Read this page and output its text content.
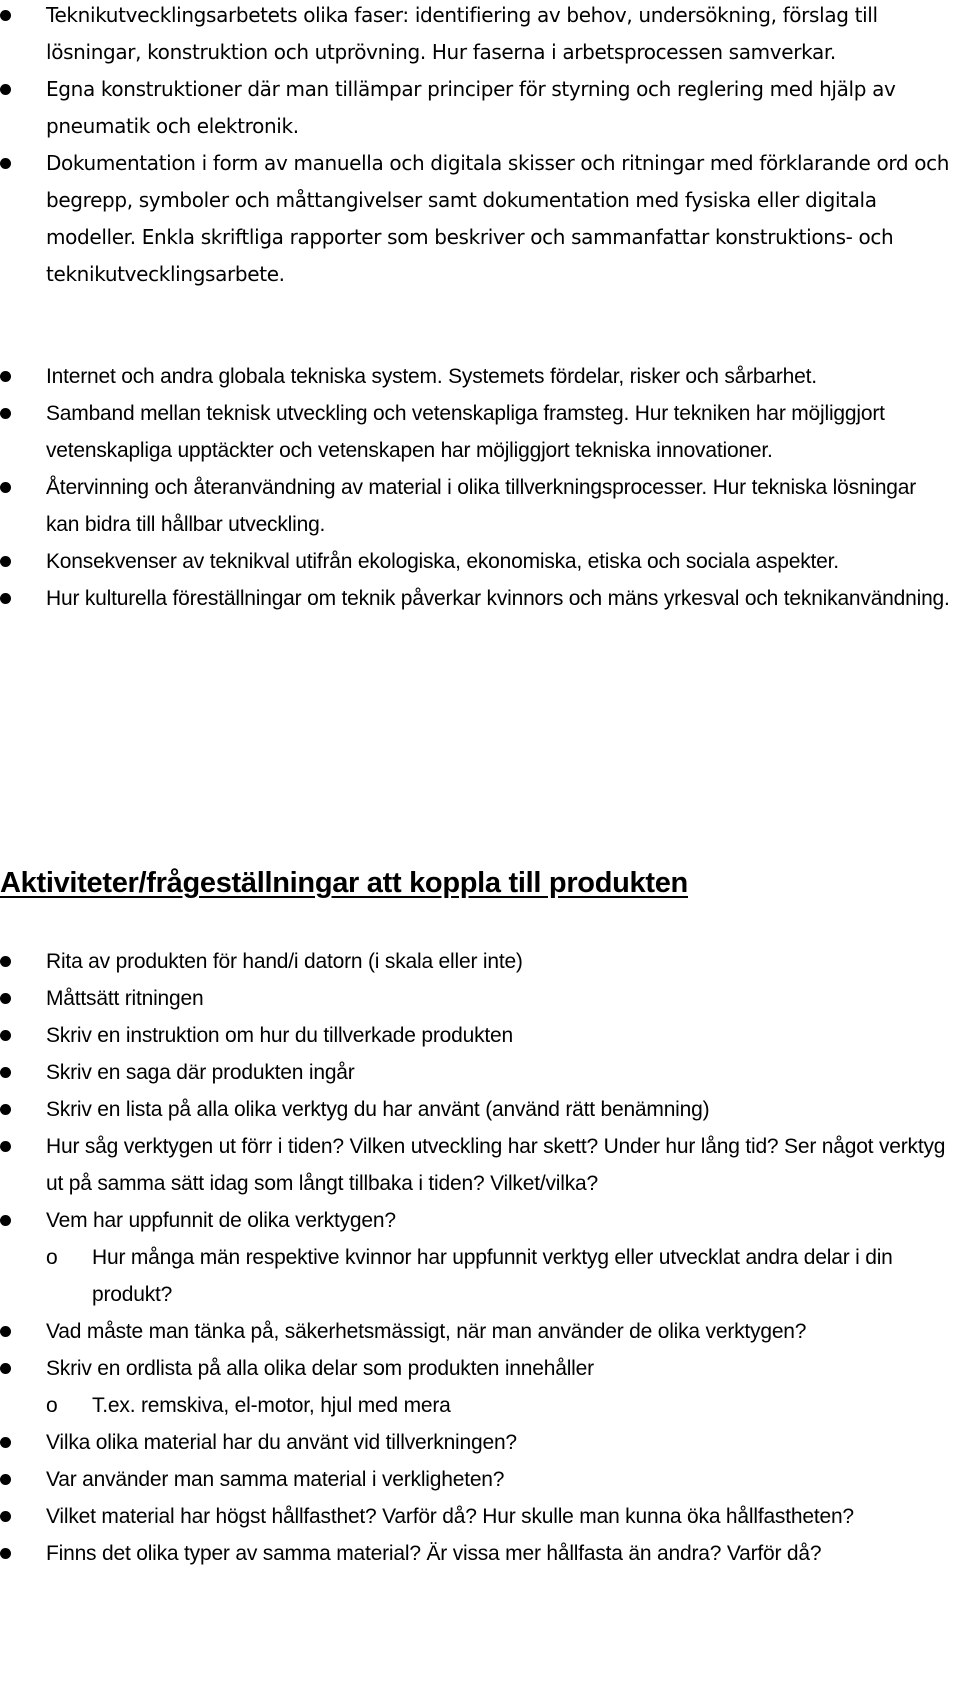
Teknikutvecklingsarbetets olika faser: identifiering av behov, undersökning, förslag till lösningar, konstruktion och utprövning. Hur faserna i arbetsprocessen samverkar.
Egna konstruktioner där man tillämpar principer för styrning och reglering med hjälp av pneumatik och elektronik.
Dokumentation i form av manuella och digitala skisser och ritningar med förklarande ord och begrepp, symboler och måttangivelser samt dokumentation med fysiska eller digitala modeller. Enkla skriftliga rapporter som beskriver och sammanfattar konstruktions- och teknikutvecklingsarbete.
Internet och andra globala tekniska system. Systemets fördelar, risker och sårbarhet.
Samband mellan teknisk utveckling och vetenskapliga framsteg. Hur tekniken har möjliggjort vetenskapliga upptäckter och vetenskapen har möjliggjort tekniska innovationer.
Återvinning och återanvändning av material i olika tillverkningsprocesser. Hur tekniska lösningar kan bidra till hållbar utveckling.
Konsekvenser av teknikval utifrån ekologiska, ekonomiska, etiska och sociala aspekter.
Hur kulturella föreställningar om teknik påverkar kvinnors och mäns yrkesval och teknikanvändning.
Aktiviteter/frågeställningar att koppla till produkten
Rita av produkten för hand/i datorn (i skala eller inte)
Måttsätt ritningen
Skriv en instruktion om hur du tillverkade produkten
Skriv en saga där produkten ingår
Skriv en lista på alla olika verktyg du har använt (använd rätt benämning)
Hur såg verktygen ut förr i tiden? Vilken utveckling har skett? Under hur lång tid? Ser något verktyg ut på samma sätt idag som långt tillbaka i tiden? Vilket/vilka?
Vem har uppfunnit de olika verktygen?
o Hur många män respektive kvinnor har uppfunnit verktyg eller utvecklat andra delar i din produkt?
Vad måste man tänka på, säkerhetsmässigt, när man använder de olika verktygen?
Skriv en ordlista på alla olika delar som produkten innehåller
o T.ex. remskiva, el-motor, hjul med mera
Vilka olika material har du använt vid tillverkningen?
Var använder man samma material i verkligheten?
Vilket material har högst hållfasthet? Varför då? Hur skulle man kunna öka hållfastheten?
Finns det olika typer av samma material? Är vissa mer hållfasta än andra? Varför då?
